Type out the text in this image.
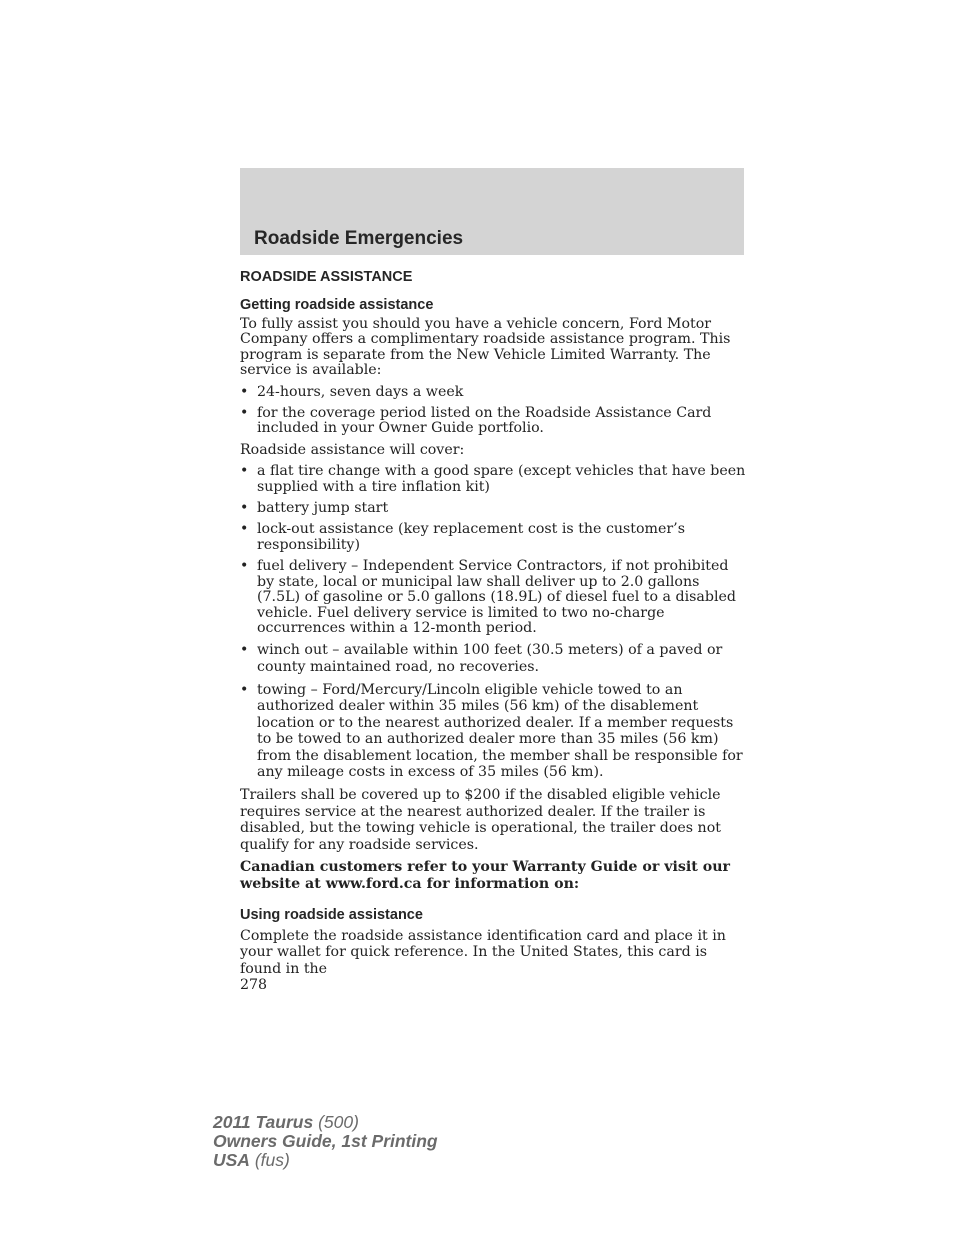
Roadside Emergencies
ROADSIDE ASSISTANCE
Getting roadside assistance

To fully assist you should you have a vehicle concern, Ford Motor Company offers a complimentary roadside assistance program. This program is separate from the New Vehicle Limited Warranty. The service is available:

• 24-hours, seven days a week
• for the coverage period listed on the Roadside Assistance Card included in your Owner Guide portfolio.

Roadside assistance will cover:

• a flat tire change with a good spare (except vehicles that have been supplied with a tire inflation kit)
• battery jump start
• lock-out assistance (key replacement cost is the customer’s responsibility)
• fuel delivery – Independent Service Contractors, if not prohibited by state, local or municipal law shall deliver up to 2.0 gallons (7.5L) of gasoline or 5.0 gallons (18.9L) of diesel fuel to a disabled vehicle. Fuel delivery service is limited to two no-charge occurrences within a 12-month period.
• winch out – available within 100 feet (30.5 meters) of a paved or county maintained road, no recoveries.
• towing – Ford/Mercury/Lincoln eligible vehicle towed to an authorized dealer within 35 miles (56 km) of the disablement location or to the nearest authorized dealer. If a member requests to be towed to an authorized dealer more than 35 miles (56 km) from the disablement location, the member shall be responsible for any mileage costs in excess of 35 miles (56 km).

Trailers shall be covered up to $200 if the disabled eligible vehicle requires service at the nearest authorized dealer. If the trailer is disabled, but the towing vehicle is operational, the trailer does not qualify for any roadside services.

Canadian customers refer to your Warranty Guide or visit our website at www.ford.ca for information on:

Using roadside assistance

Complete the roadside assistance identification card and place it in your wallet for quick reference. In the United States, this card is found in the

278
2011 Taurus (500)
Owners Guide, 1st Printing
USA (fus)
